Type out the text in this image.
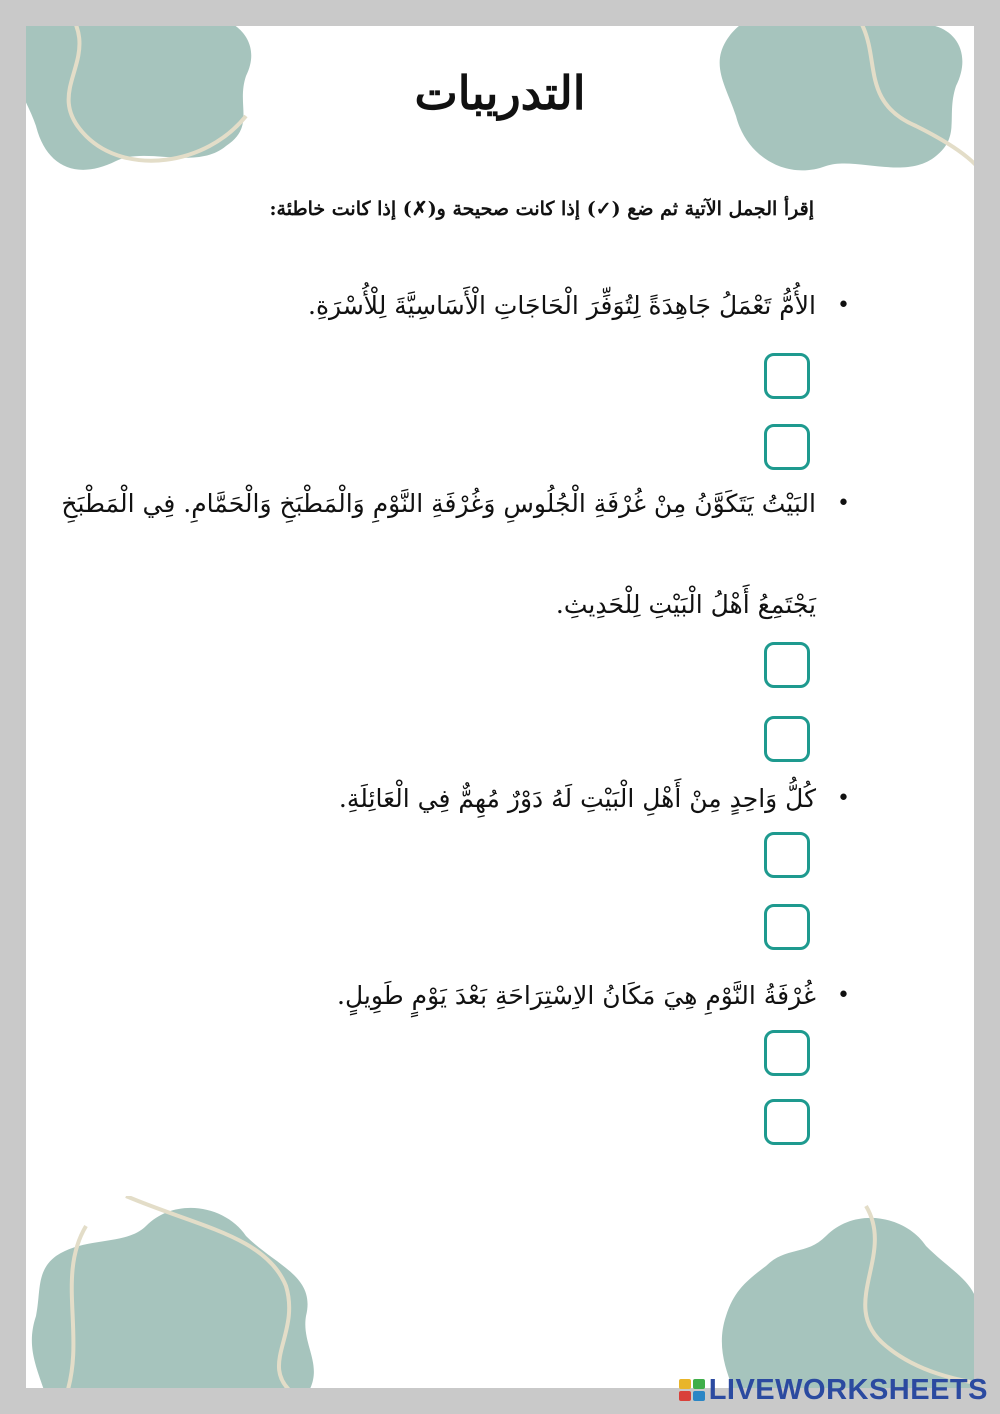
التدريبات

إقرأ الجمل الآتية ثم ضع (✓) إذا كانت صحيحة و(✗) إذا كانت خاطئة:

•
الأُمُّ تَعْمَلُ جَاهِدَةً لِتُوَفِّرَ الْحَاجَاتِ الْأَسَاسِيَّةَ لِلْأُسْرَةِ.
•
البَيْتُ يَتَكَوَّنُ مِنْ غُرْفَةِ الْجُلُوسِ وَغُرْفَةِ النَّوْمِ وَالْمَطْبَخِ وَالْحَمَّامِ. فِي الْمَطْبَخِ
يَجْتَمِعُ أَهْلُ الْبَيْتِ لِلْحَدِيثِ.
•
كُلُّ وَاحِدٍ مِنْ أَهْلِ الْبَيْتِ لَهُ دَوْرٌ مُهِمٌّ فِي الْعَائِلَةِ.
•
غُرْفَةُ النَّوْمِ هِيَ مَكَانُ الاِسْتِرَاحَةِ بَعْدَ يَوْمٍ طَوِيلٍ.
LIVEWORKSHEETS
